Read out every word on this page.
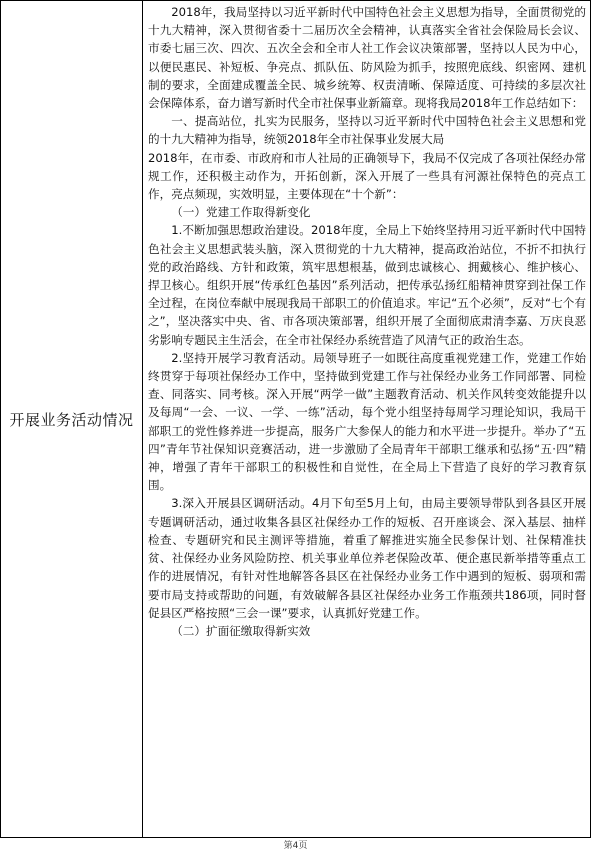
开展业务活动情况

2018年，我局坚持以习近平新时代中国特色社会主义思想为指导，全面贯彻党的十九大精神，深入贯彻省委十二届历次全会精神，认真落实全省社会保险局长会议、市委七届三次、四次、五次全会和全市人社工作会议决策部署，坚持以人民为中心，以便民惠民、补短板、争亮点、抓队伍、防风险为抓手，按照兜底线、织密网、建机制的要求，全面建成覆盖全民、城乡统筹、权责清晰、保障适度、可持续的多层次社会保障体系，奋力谱写新时代全市社保事业新篇章。现将我局2018年工作总结如下：

一、提高站位，扎实为民服务，坚持以习近平新时代中国特色社会主义思想和党的十九大精神为指导，统领2018年全市社保事业发展大局

2018年，在市委、市政府和市人社局的正确领导下，我局不仅完成了各项社保经办常规工作，还积极主动作为，开拓创新，深入开展了一些具有河源社保特色的亮点工作，亮点频现，实效明显，主要体现在“十个新”：

（一）党建工作取得新变化

1.不断加强思想政治建设。2018年度，全局上下始终坚持用习近平新时代中国特色社会主义思想武装头脑，深入贯彻党的十九大精神，提高政治站位，不折不扣执行党的政治路线、方针和政策，筑牢思想根基，做到忠诚核心、拥戴核心、维护核心、捍卫核心。组织开展“传承红色基因”系列活动，把传承弘扬红船精神贯穿到社保工作全过程，在岗位奉献中展现我局干部职工的价值追求。牢记“五个必须”，反对“七个有之”，坚决落实中央、省、市各项决策部署，组织开展了全面彻底肃清李嘉、万庆良恶劣影响专题民主生活会，在全市社保经办系统营造了风清气正的政治生态。

2.坚持开展学习教育活动。局领导班子一如既往高度重视党建工作，党建工作始终贯穿于每项社保经办工作中，坚持做到党建工作与社保经办业务工作同部署、同检查、同落实、同考核。深入开展“两学一做”主题教育活动、机关作风转变效能提升以及每周“一会、一议、一学、一练”活动，每个党小组坚持每周学习理论知识，我局干部职工的党性修养进一步提高，服务广大参保人的能力和水平进一步提升。举办了“五四”青年节社保知识竞赛活动，进一步激励了全局青年干部职工继承和弘扬“五·四”精神，增强了青年干部职工的积极性和自觉性，在全局上下营造了良好的学习教育氛围。

3.深入开展县区调研活动。4月下旬至5月上旬，由局主要领导带队到各县区开展专题调研活动，通过收集各县区社保经办工作的短板、召开座谈会、深入基层、抽样检查、专题研究和民主测评等措施，着重了解推进实施全民参保计划、社保精准扶贫、社保经办业务风险防控、机关事业单位养老保险改革、便企惠民新举措等重点工作的进展情况，有针对性地解答各县区在社保经办业务工作中遇到的短板、弱项和需要市局支持或帮助的问题，有效破解各县区社保经办业务工作瓶颈共186项，同时督促县区严格按照“三会一课”要求，认真抓好党建工作。

（二）扩面征缴取得新实效

第4页
